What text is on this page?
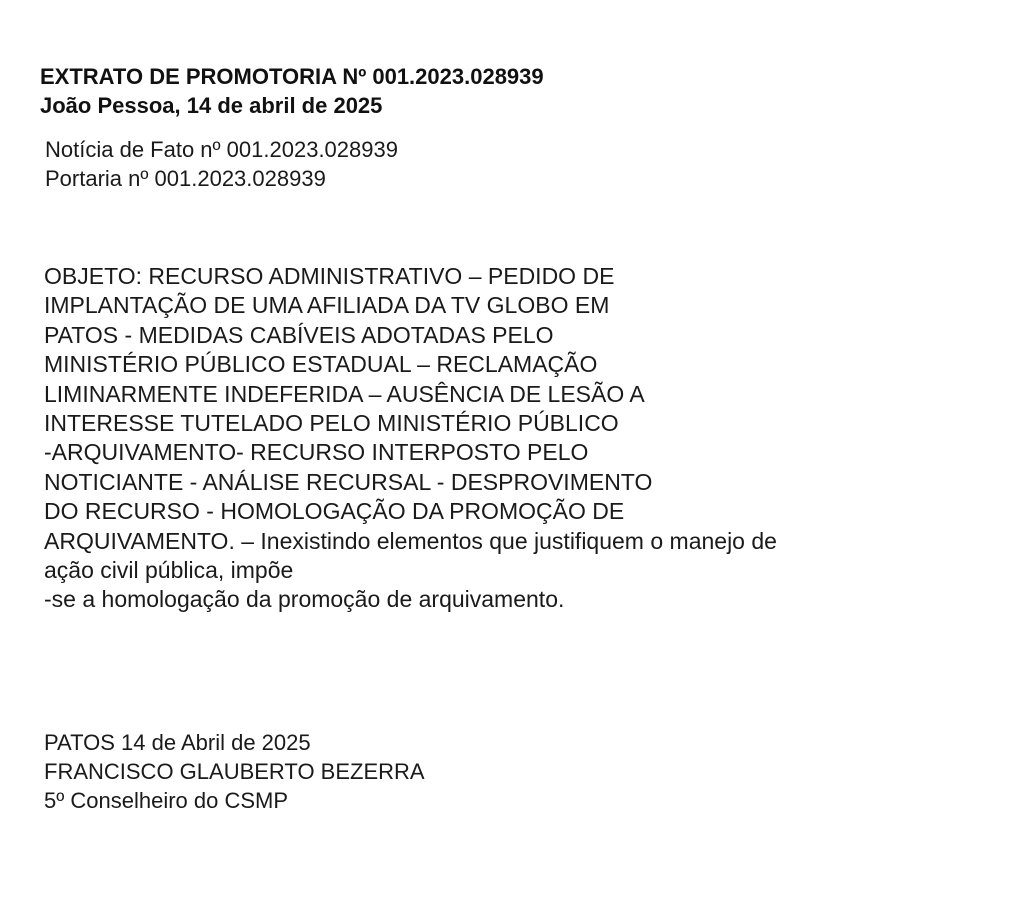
EXTRATO DE PROMOTORIA Nº 001.2023.028939
João Pessoa, 14 de abril de 2025
Notícia de Fato nº 001.2023.028939
Portaria nº 001.2023.028939
OBJETO: RECURSO ADMINISTRATIVO – PEDIDO DE
IMPLANTAÇÃO DE UMA AFILIADA DA TV GLOBO EM
PATOS - MEDIDAS CABÍVEIS ADOTADAS PELO
MINISTÉRIO PÚBLICO ESTADUAL – RECLAMAÇÃO
LIMINARMENTE INDEFERIDA – AUSÊNCIA DE LESÃO A
INTERESSE TUTELADO PELO MINISTÉRIO PÚBLICO
-ARQUIVAMENTO- RECURSO INTERPOSTO PELO
NOTICIANTE - ANÁLISE RECURSAL - DESPROVIMENTO
DO RECURSO - HOMOLOGAÇÃO DA PROMOÇÃO DE
ARQUIVAMENTO. – Inexistindo elementos que justifiquem o manejo de
ação civil pública, impõe
-se a homologação da promoção de arquivamento.
PATOS 14 de Abril de 2025
FRANCISCO GLAUBERTO BEZERRA
5º Conselheiro do CSMP
